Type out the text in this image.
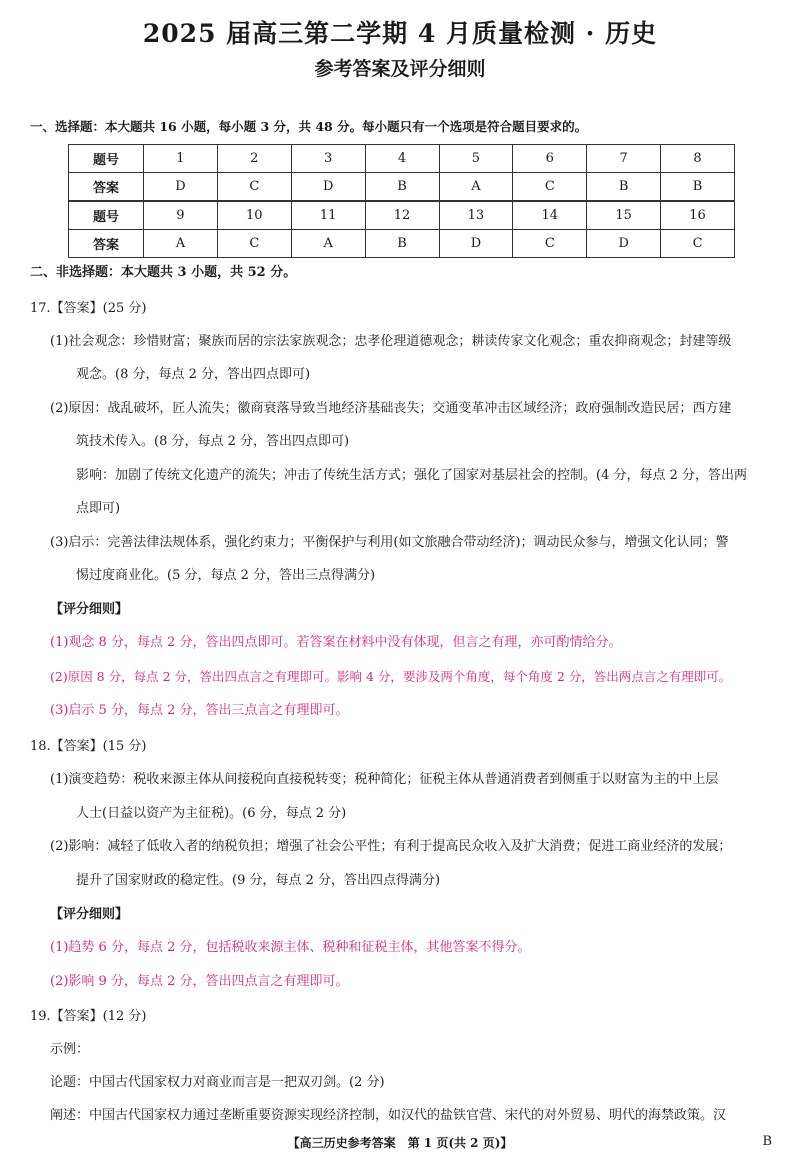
2025 届高三第二学期 4 月质量检测 · 历史
参考答案及评分细则
一、选择题：本大题共 16 小题，每小题 3 分，共 48 分。每小题只有一个选项是符合题目要求的。
题号	1	2	3	4	5	6	7	8
答案	D	C	D	B	A	C	B	B
题号	9	10	11	12	13	14	15	16
答案	A	C	A	B	D	C	D	C
二、非选择题：本大题共 3 小题，共 52 分。
17.【答案】(25 分)
(1)社会观念：珍惜财富；聚族而居的宗法家族观念；忠孝伦理道德观念；耕读传家文化观念；重农抑商观念；封建等级
观念。(8 分，每点 2 分，答出四点即可)
(2)原因：战乱破坏，匠人流失；徽商衰落导致当地经济基础丧失；交通变革冲击区域经济；政府强制改造民居；西方建
筑技术传入。(8 分，每点 2 分，答出四点即可)
影响：加剧了传统文化遗产的流失；冲击了传统生活方式；强化了国家对基层社会的控制。(4 分，每点 2 分，答出两
点即可)
(3)启示：完善法律法规体系，强化约束力；平衡保护与利用(如文旅融合带动经济)；调动民众参与，增强文化认同；警
惕过度商业化。(5 分，每点 2 分，答出三点得满分)
【评分细则】
(1)观念 8 分，每点 2 分，答出四点即可。若答案在材料中没有体现，但言之有理，亦可酌情给分。
(2)原因 8 分，每点 2 分，答出四点言之有理即可。影响 4 分，要涉及两个角度，每个角度 2 分，答出两点言之有理即可。
(3)启示 5 分，每点 2 分，答出三点言之有理即可。
18.【答案】(15 分)
(1)演变趋势：税收来源主体从间接税向直接税转变；税种简化；征税主体从普通消费者到侧重于以财富为主的中上层
人士(日益以资产为主征税)。(6 分，每点 2 分)
(2)影响：减轻了低收入者的纳税负担；增强了社会公平性；有利于提高民众收入及扩大消费；促进工商业经济的发展；
提升了国家财政的稳定性。(9 分，每点 2 分，答出四点得满分)
【评分细则】
(1)趋势 6 分，每点 2 分，包括税收来源主体、税种和征税主体，其他答案不得分。
(2)影响 9 分，每点 2 分，答出四点言之有理即可。
19.【答案】(12 分)
示例：
论题：中国古代国家权力对商业而言是一把双刃剑。(2 分)
阐述：中国古代国家权力通过垄断重要资源实现经济控制，如汉代的盐铁官营、宋代的对外贸易、明代的海禁政策。汉
【高三历史参考答案　第 1 页(共 2 页)】	B
